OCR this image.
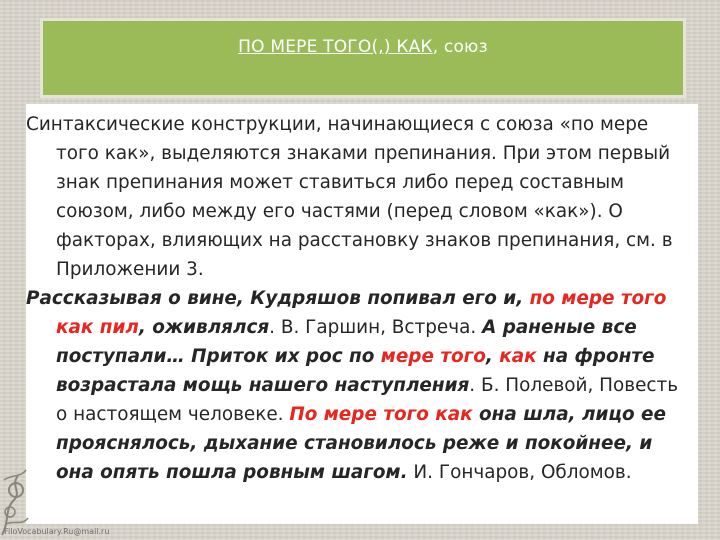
ПО МЕРЕ ТОГО(,) КАК, союз

Синтаксические конструкции, начинающиеся с союза «по мере того как», выделяются знаками препинания. При этом первый знак препинания может ставиться либо перед составным союзом, либо между его частями (перед словом «как»). О факторах, влияющих на расстановку знаков препинания, см. в Приложении 3.

Рассказывая о вине, Кудряшов попивал его и, по мере того как пил, оживлялся. В. Гаршин, Встреча. А раненые все поступали… Приток их рос по мере того, как на фронте возрастала мощь нашего наступления. Б. Полевой, Повесть о настоящем человеке. По мере того как она шла, лицо ее прояснялось, дыхание становилось реже и покойнее, и она опять пошла ровным шагом. И. Гончаров, Обломов.

FiloVocabulary.Ru@mail.ru
